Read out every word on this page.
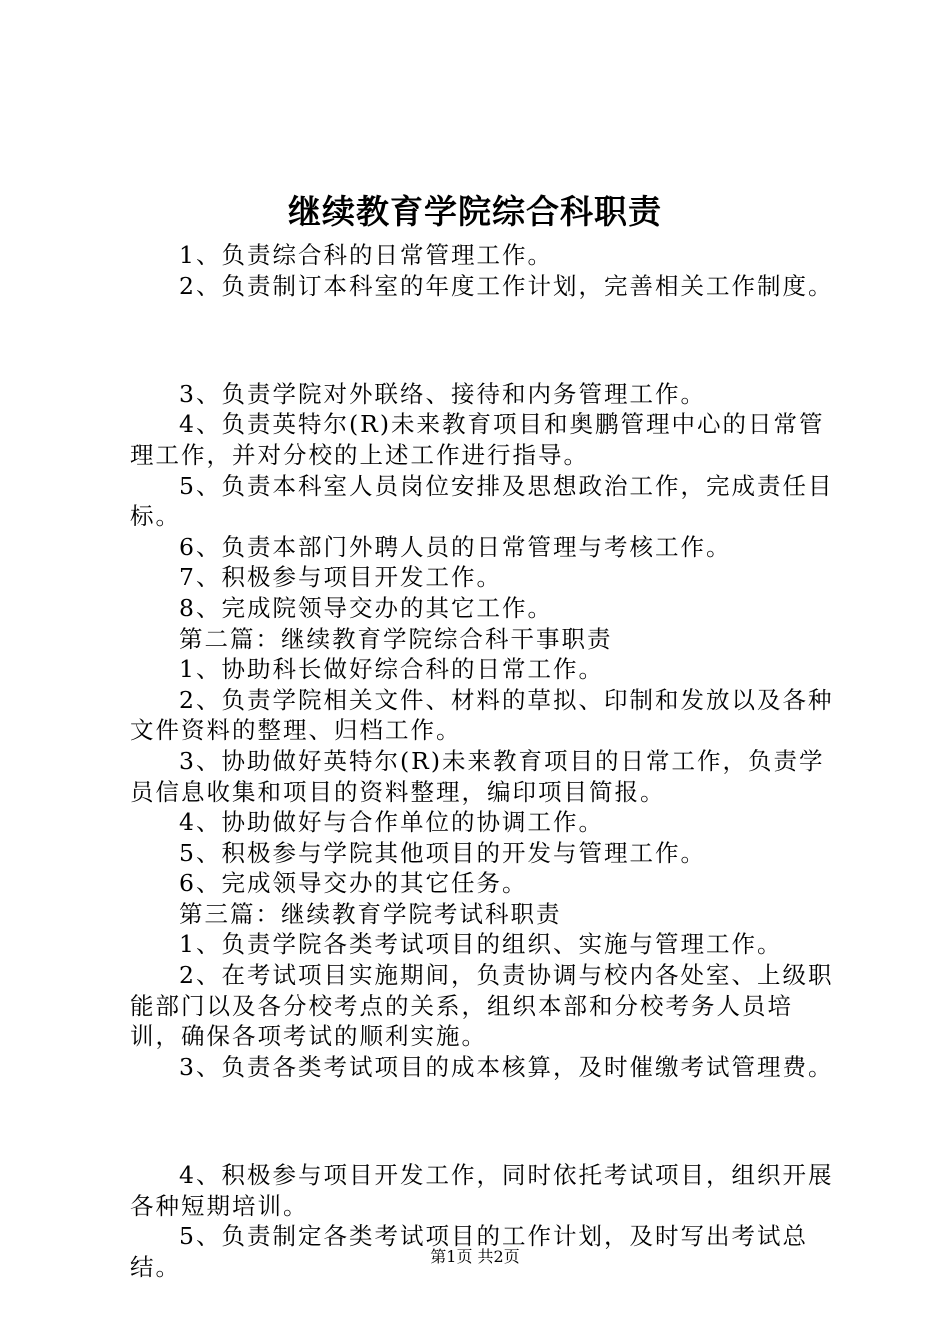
继续教育学院综合科职责

1、负责综合科的日常管理工作。

2、负责制订本科室的年度工作计划，完善相关工作制度。

3、负责学院对外联络、接待和内务管理工作。

4、负责英特尔(R)未来教育项目和奥鹏管理中心的日常管理工作，并对分校的上述工作进行指导。

5、负责本科室人员岗位安排及思想政治工作，完成责任目标。

6、负责本部门外聘人员的日常管理与考核工作。

7、积极参与项目开发工作。

8、完成院领导交办的其它工作。

第二篇：继续教育学院综合科干事职责

1、协助科长做好综合科的日常工作。

2、负责学院相关文件、材料的草拟、印制和发放以及各种文件资料的整理、归档工作。

3、协助做好英特尔(R)未来教育项目的日常工作，负责学员信息收集和项目的资料整理，编印项目简报。

4、协助做好与合作单位的协调工作。

5、积极参与学院其他项目的开发与管理工作。

6、完成领导交办的其它任务。

第三篇：继续教育学院考试科职责

1、负责学院各类考试项目的组织、实施与管理工作。

2、在考试项目实施期间，负责协调与校内各处室、上级职能部门以及各分校考点的关系，组织本部和分校考务人员培训，确保各项考试的顺利实施。

3、负责各类考试项目的成本核算，及时催缴考试管理费。

4、积极参与项目开发工作，同时依托考试项目，组织开展各种短期培训。

5、负责制定各类考试项目的工作计划，及时写出考试总结。	第1页 共2页
